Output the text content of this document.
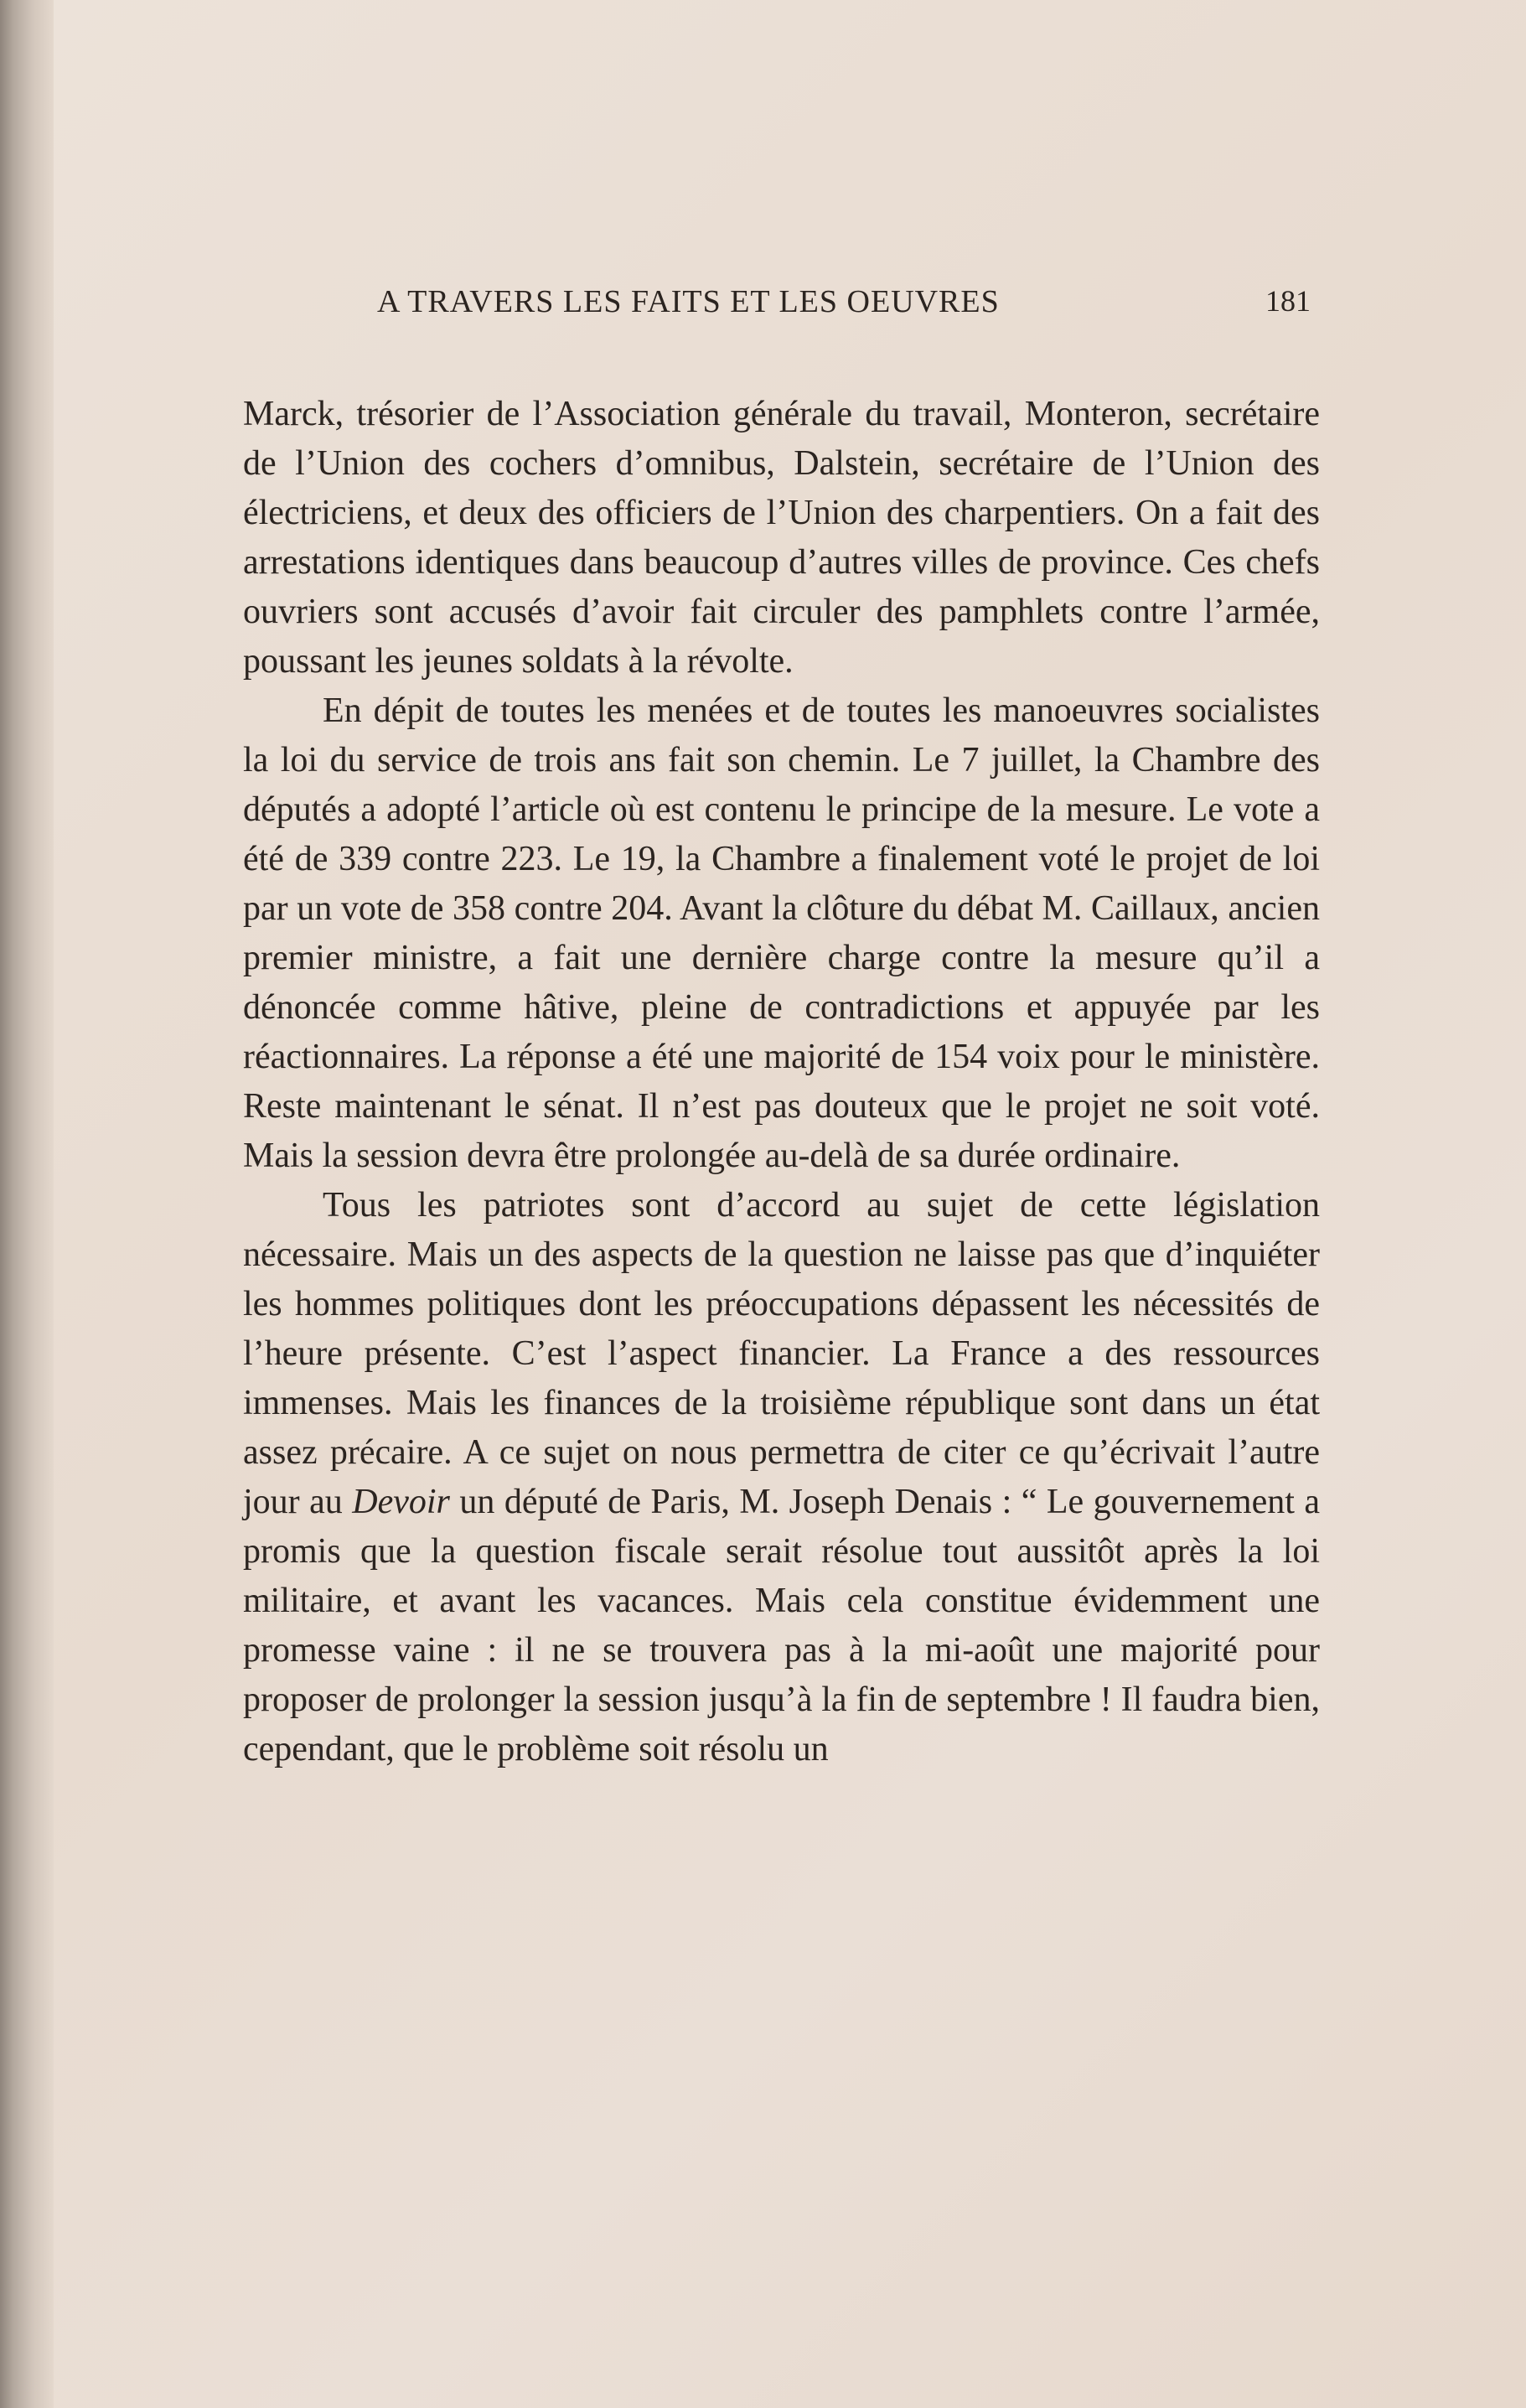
A TRAVERS LES FAITS ET LES OEUVRES	181

Marck, trésorier de l’Association générale du travail, Monteron, secrétaire de l’Union des cochers d’omnibus, Dalstein, secrétaire de l’Union des électriciens, et deux des officiers de l’Union des charpentiers. On a fait des arrestations identiques dans beaucoup d’autres villes de province. Ces chefs ouvriers sont accusés d’avoir fait circuler des pamphlets contre l’armée, poussant les jeunes soldats à la révolte.

En dépit de toutes les menées et de toutes les manoeuvres socialistes la loi du service de trois ans fait son chemin. Le 7 juillet, la Chambre des députés a adopté l’article où est contenu le principe de la mesure. Le vote a été de 339 contre 223. Le 19, la Chambre a finalement voté le projet de loi par un vote de 358 contre 204. Avant la clôture du débat M. Caillaux, ancien premier ministre, a fait une dernière charge contre la mesure qu’il a dénoncée comme hâtive, pleine de contradictions et appuyée par les réactionnaires. La réponse a été une majorité de 154 voix pour le ministère. Reste maintenant le sénat. Il n’est pas douteux que le projet ne soit voté. Mais la session devra être prolongée au-delà de sa durée ordinaire.

Tous les patriotes sont d’accord au sujet de cette législation nécessaire. Mais un des aspects de la question ne laisse pas que d’inquiéter les hommes politiques dont les préoccupations dépassent les nécessités de l’heure présente. C’est l’aspect financier. La France a des ressources immenses. Mais les finances de la troisième république sont dans un état assez précaire. A ce sujet on nous permettra de citer ce qu’écrivait l’autre jour au Devoir un député de Paris, M. Joseph Denais : “ Le gouvernement a promis que la question fiscale serait résolue tout aussitôt après la loi militaire, et avant les vacances. Mais cela constitue évidemment une promesse vaine : il ne se trouvera pas à la mi-août une majorité pour proposer de prolonger la session jusqu’à la fin de septembre ! Il faudra bien, cependant, que le problème soit résolu un
